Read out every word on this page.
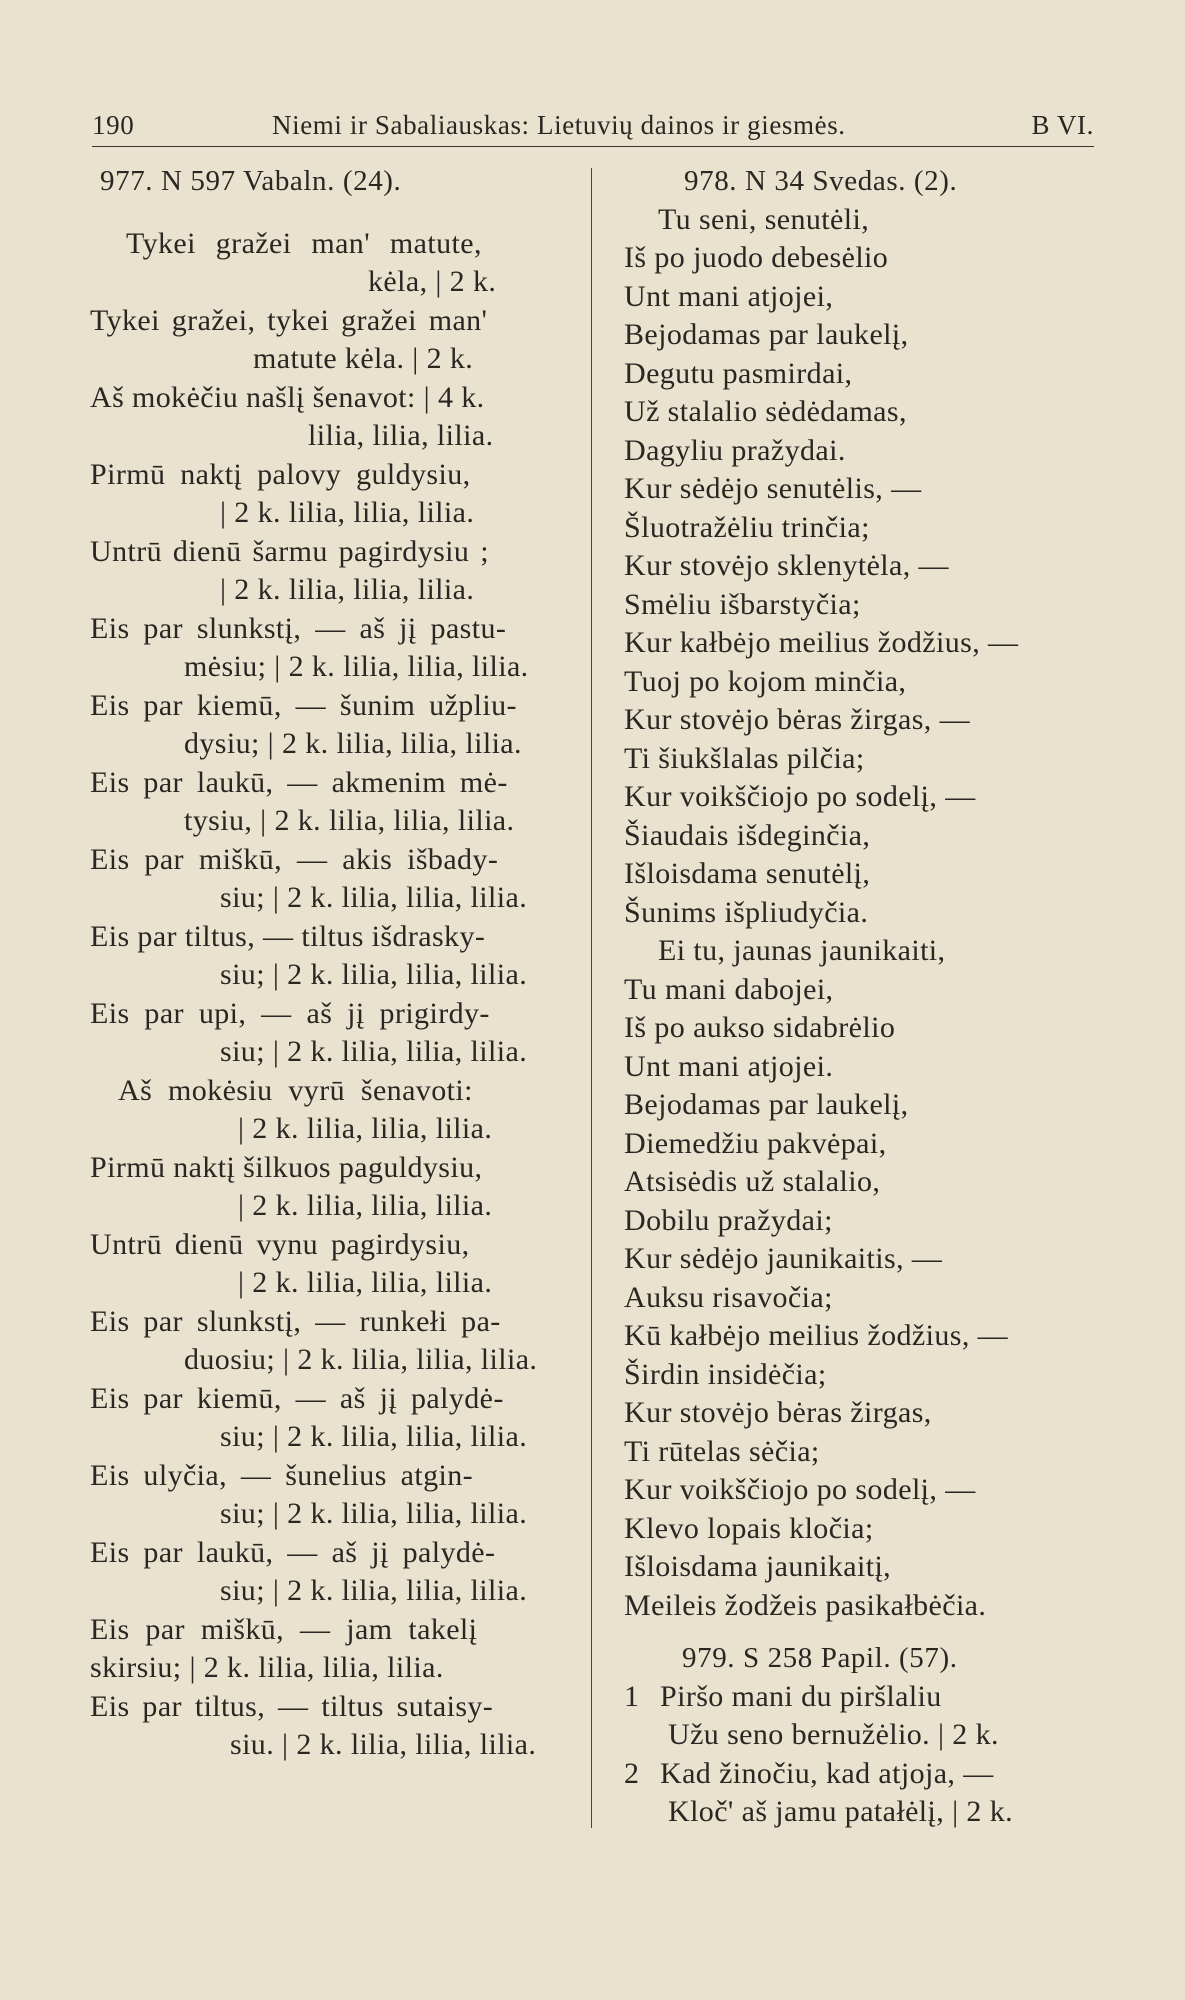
190	Niemi ir Sabaliauskas: Lietuvių dainos ir giesmės.	B VI.
977. N 597 Vabaln. (24).
Tykei gražei man' matute,
kėla, | 2 k.
Tykei gražei, tykei gražei man'
matute kėla. | 2 k.
Aš mokėčiu našlį šenavot: | 4 k.
lilia, lilia, lilia.
Pirmū naktį palovy guldysiu,
| 2 k. lilia, lilia, lilia.
Untrū dienū šarmu pagirdysiu ;
| 2 k. lilia, lilia, lilia.
Eis par slunkstį, — aš jį pastu-
mėsiu; | 2 k. lilia, lilia, lilia.
Eis par kiemū, — šunim užpliu-
dysiu; | 2 k. lilia, lilia, lilia.
Eis par laukū, — akmenim mė-
tysiu, | 2 k. lilia, lilia, lilia.
Eis par miškū, — akis išbady-
siu; | 2 k. lilia, lilia, lilia.
Eis par tiltus, — tiltus išdrasky-
siu; | 2 k. lilia, lilia, lilia.
Eis par upi, — aš jį prigirdy-
siu; | 2 k. lilia, lilia, lilia.
Aš mokėsiu vyrū šenavoti:
| 2 k. lilia, lilia, lilia.
Pirmū naktį šilkuos paguldysiu,
| 2 k. lilia, lilia, lilia.
Untrū dienū vynu pagirdysiu,
| 2 k. lilia, lilia, lilia.
Eis par slunkstį, — runkełi pa-
duosiu; | 2 k. lilia, lilia, lilia.
Eis par kiemū, — aš jį palydė-
siu; | 2 k. lilia, lilia, lilia.
Eis ulyčia, — šunelius atgin-
siu; | 2 k. lilia, lilia, lilia.
Eis par laukū, — aš jį palydė-
siu; | 2 k. lilia, lilia, lilia.
Eis par miškū, — jam takelį
skirsiu; | 2 k. lilia, lilia, lilia.
Eis par tiltus, — tiltus sutaisy-
siu. | 2 k. lilia, lilia, lilia.
978. N 34 Svedas. (2).
Tu seni, senutėli,
Iš po juodo debesėlio
Unt mani atjojei,
Bejodamas par laukelį,
Degutu pasmirdai,
Už stalalio sėdėdamas,
Dagyliu pražydai.
Kur sėdėjo senutėlis, —
Šluotražėliu trinčia;
Kur stovėjo sklenytėla, —
Smėliu išbarstyčia;
Kur kałbėjo meilius žodžius, —
Tuoj po kojom minčia,
Kur stovėjo bėras žirgas, —
Ti šiukšlalas pilčia;
Kur voikščiojo po sodelį, —
Šiaudais išdeginčia,
Išloisdama senutėlį,
Šunims išpliudyčia.
Ei tu, jaunas jaunikaiti,
Tu mani dabojei,
Iš po aukso sidabrėlio
Unt mani atjojei.
Bejodamas par laukelį,
Diemedžiu pakvėpai,
Atsisėdis už stalalio,
Dobilu pražydai;
Kur sėdėjo jaunikaitis, —
Auksu risavočia;
Kū kałbėjo meilius žodžius, —
Širdin insidėčia;
Kur stovėjo bėras žirgas,
Ti rūtelas sėčia;
Kur voikščiojo po sodelį, —
Klevo lopais kločia;
Išloisdama jaunikaitį,
Meileis žodžeis pasikałbėčia.
979. S 258 Papil. (57).
1 Piršo mani du piršlaliu
Užu seno bernužėlio. | 2 k.
2 Kad žinočiu, kad atjoja, —
Kloč' aš jamu patałėlį, | 2 k.
